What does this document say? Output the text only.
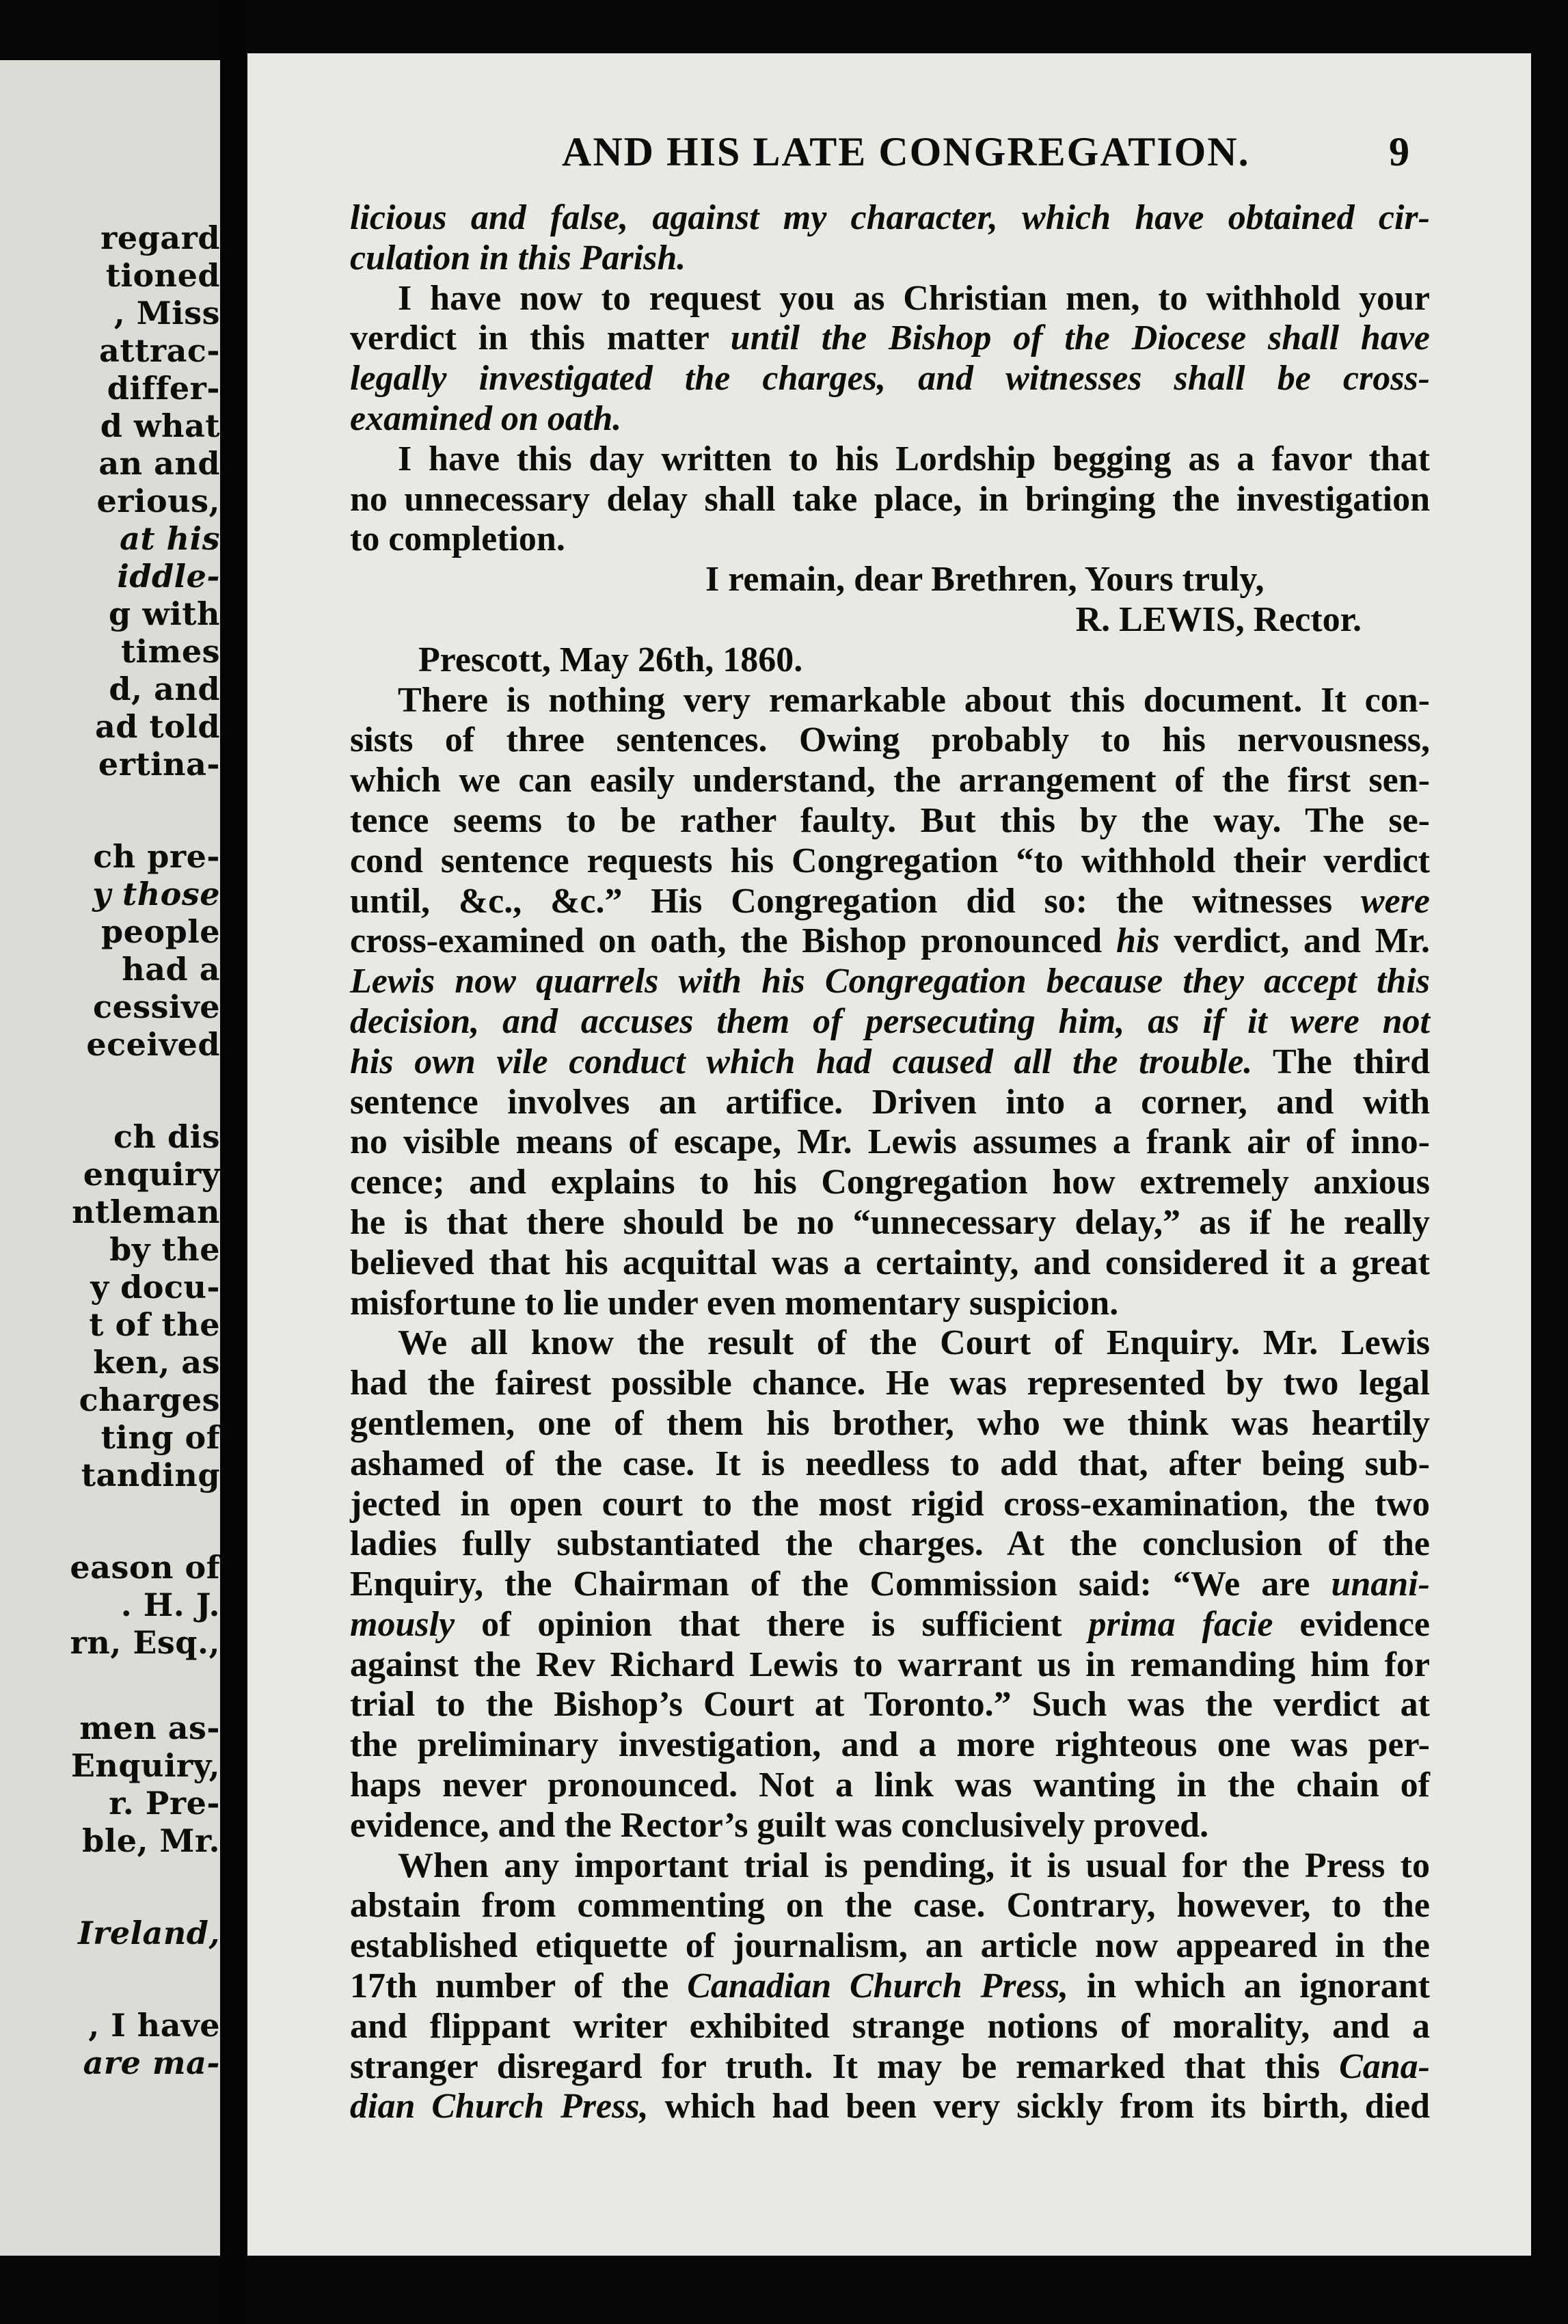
regard
tioned
, Miss
attrac-
differ-
d what
an and
erious,
at his
iddle-
g with
times
d, and
ad told
ertina-
ch pre-
y those
people
had a
cessive
eceived
ch dis
enquiry
ntleman
by the
y docu-
t of the
ken, as
charges
ting of
tanding
eason of
. H. J.
rn, Esq.,
men as-
Enquiry,
r. Pre-
ble, Mr.
Ireland,
, I have
are ma-
AND HIS LATE CONGREGATION.	9
licious and false, against my character, which have obtained cir-
culation in this Parish.
I have now to request you as Christian men, to withhold your
verdict in this matter until the Bishop of the Diocese shall have
legally investigated the charges, and witnesses shall be cross-
examined on oath.
I have this day written to his Lordship begging as a favor that
no unnecessary delay shall take place, in bringing the investigation
to completion.
I remain, dear Brethren, Yours truly,
R. LEWIS, Rector.
Prescott, May 26th, 1860.
There is nothing very remarkable about this document. It con-
sists of three sentences. Owing probably to his nervousness,
which we can easily understand, the arrangement of the first sen-
tence seems to be rather faulty. But this by the way. The se-
cond sentence requests his Congregation “to withhold their verdict
until, &c., &c.” His Congregation did so: the witnesses were
cross-examined on oath, the Bishop pronounced his verdict, and Mr.
Lewis now quarrels with his Congregation because they accept this
decision, and accuses them of persecuting him, as if it were not
his own vile conduct which had caused all the trouble. The third
sentence involves an artifice. Driven into a corner, and with
no visible means of escape, Mr. Lewis assumes a frank air of inno-
cence; and explains to his Congregation how extremely anxious
he is that there should be no “unnecessary delay,” as if he really
believed that his acquittal was a certainty, and considered it a great
misfortune to lie under even momentary suspicion.
We all know the result of the Court of Enquiry. Mr. Lewis
had the fairest possible chance. He was represented by two legal
gentlemen, one of them his brother, who we think was heartily
ashamed of the case. It is needless to add that, after being sub-
jected in open court to the most rigid cross-examination, the two
ladies fully substantiated the charges. At the conclusion of the
Enquiry, the Chairman of the Commission said: “We are unani-
mously of opinion that there is sufficient prima facie evidence
against the Rev Richard Lewis to warrant us in remanding him for
trial to the Bishop’s Court at Toronto.” Such was the verdict at
the preliminary investigation, and a more righteous one was per-
haps never pronounced. Not a link was wanting in the chain of
evidence, and the Rector’s guilt was conclusively proved.
When any important trial is pending, it is usual for the Press to
abstain from commenting on the case. Contrary, however, to the
established etiquette of journalism, an article now appeared in the
17th number of the Canadian Church Press, in which an ignorant
and flippant writer exhibited strange notions of morality, and a
stranger disregard for truth. It may be remarked that this Cana-
dian Church Press, which had been very sickly from its birth, died
